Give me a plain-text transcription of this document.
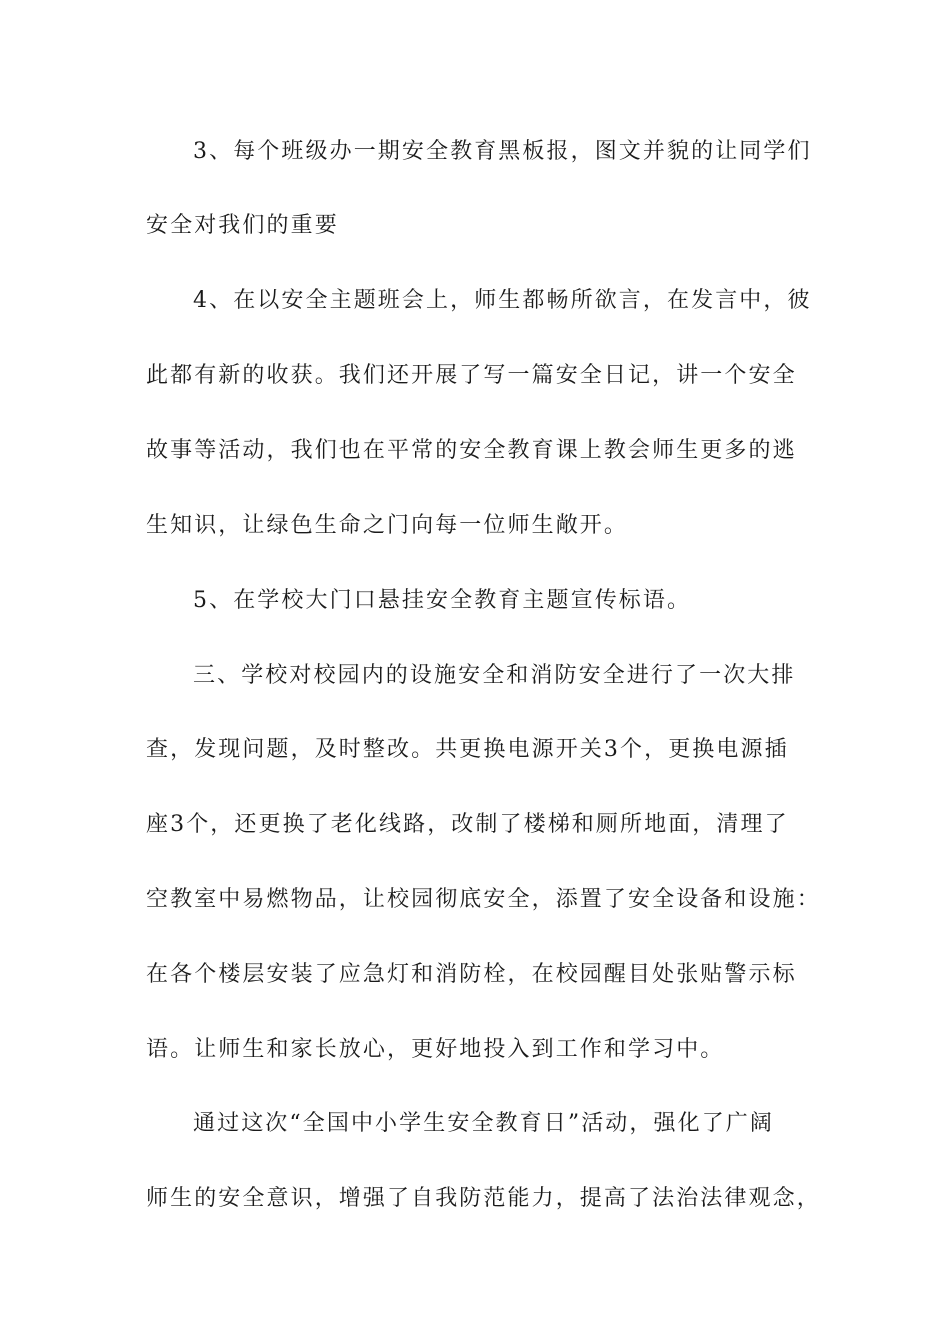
3、每个班级办一期安全教育黑板报，图文并貌的让同学们
安全对我们的重要
4、在以安全主题班会上，师生都畅所欲言，在发言中，彼
此都有新的收获。我们还开展了写一篇安全日记，讲一个安全
故事等活动，我们也在平常的安全教育课上教会师生更多的逃
生知识，让绿色生命之门向每一位师生敞开。
5、在学校大门口悬挂安全教育主题宣传标语。
三、学校对校园内的设施安全和消防安全进行了一次大排
查，发现问题，及时整改。共更换电源开关3个，更换电源插
座3个，还更换了老化线路，改制了楼梯和厕所地面，清理了
空教室中易燃物品，让校园彻底安全，添置了安全设备和设施：
在各个楼层安装了应急灯和消防栓，在校园醒目处张贴警示标
语。让师生和家长放心，更好地投入到工作和学习中。
通过这次“全国中小学生安全教育日”活动，强化了广阔
师生的安全意识，增强了自我防范能力，提高了法治法律观念，
